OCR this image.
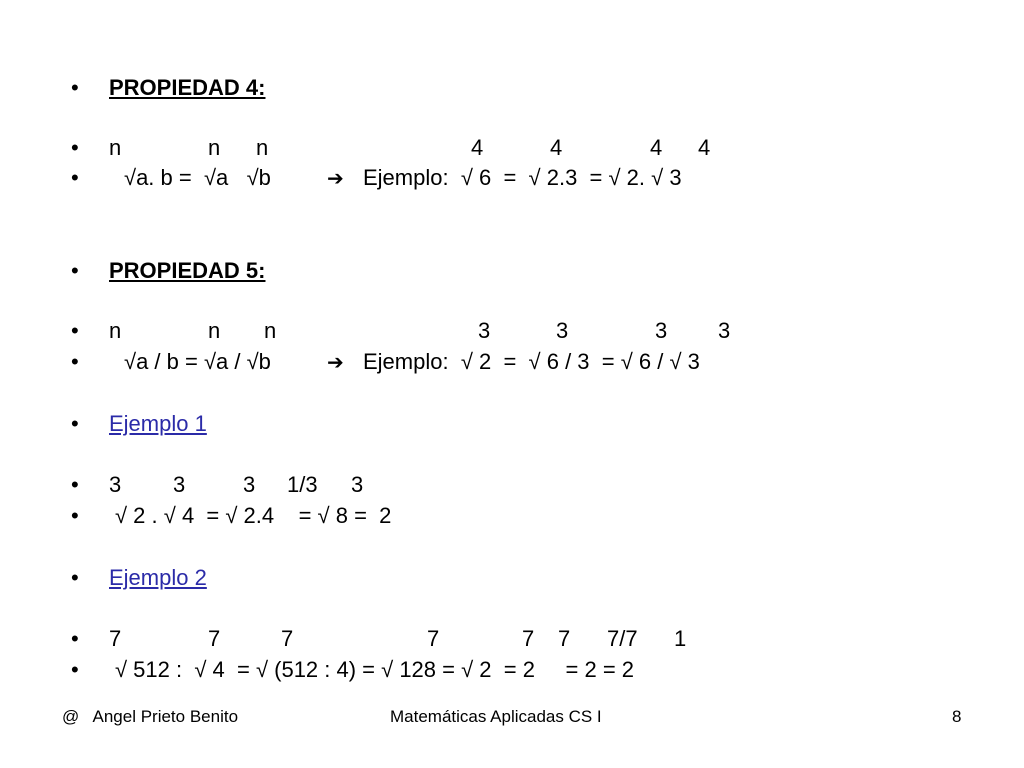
• PROPIEDAD 4:
• n	n n	4	4	4 4
• √a. b =  √a   √b	➔ Ejemplo:  √ 6  =  √ 2.3  = √ 2. √ 3
• PROPIEDAD 5:
• n	n n	3	3	3 3
• √a / b = √a / √b	➔ Ejemplo:  √ 2  =  √ 6 / 3  = √ 6 / √ 3
• Ejemplo 1
• 3 3	3 1/3 3
• √ 2 . √ 4  = √ 2.4    = √ 8 =  2
• Ejemplo 2
• 7	7	7	7	7 7 7/7 1
• √ 512 :  √ 4  = √ (512 : 4) = √ 128 = √ 2  = 2     = 2 = 2
@   Angel Prieto Benito	Matemáticas Aplicadas CS I	8
